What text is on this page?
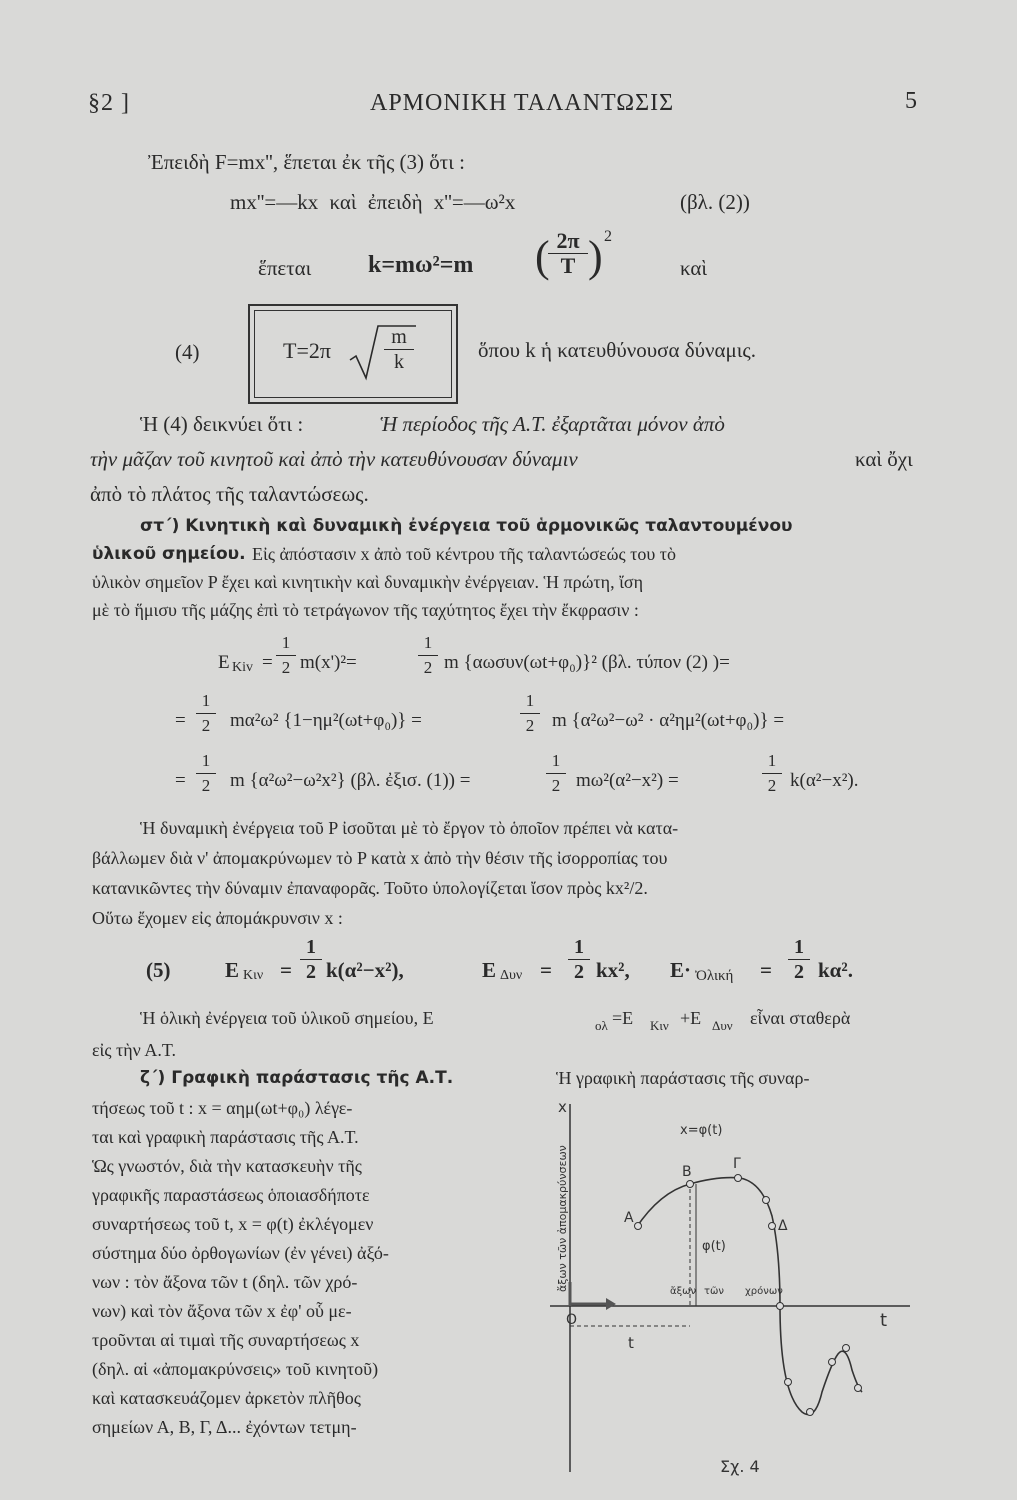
§2 ]	ΑΡΜΟΝΙΚΗ ΤΑΛΑΝΤΩΣΙΣ	5
Ἐπειδὴ F=mx'', ἕπεται ἐκ τῆς (3) ὅτι :
mx''=—kx καὶ ἐπειδὴ x''=—ω²x	(βλ. (2))
ἕπεται k=mω²=m ( 2π
T ) 2
καὶ
(4)	T=2π
m
k	ὅπου k ἡ κατευθύνουσα δύναμις.
Ἡ (4) δεικνύει ὅτι :	Ἡ περίοδος τῆς Α.Τ. ἐξαρτᾶται μόνον ἀπὸ
τὴν μᾶζαν τοῦ κινητοῦ καὶ ἀπὸ τὴν κατευθύνουσαν δύναμιν	καὶ ὄχι
ἀπὸ τὸ πλάτος τῆς ταλαντώσεως.
στ΄) Κινητικὴ καὶ δυναμικὴ ἐνέργεια τοῦ ἁρμονικῶς ταλαντουμένου
ὑλικοῦ σημείου. Εἰς ἀπόστασιν x ἀπὸ τοῦ κέντρου τῆς ταλαντώσεώς του τὸ
ὑλικὸν σημεῖον P ἔχει καὶ κινητικὴν καὶ δυναμικὴν ἐνέργειαν. Ἡ πρώτη, ἴση
μὲ τὸ ἥμισυ τῆς μάζης ἐπὶ τὸ τετράγωνον τῆς ταχύτητος ἔχει τὴν ἔκφρασιν :
E Kiv =
1
2 m(x')²=
1
2 m {αωσυν(ωt+φ₀)}² (βλ. τύπον (2) )=
=
1
2	mα²ω² {1−ημ²(ωt+φ₀)} =
1
2 m {α²ω²−ω² · α²ημ²(ωt+φ₀)} =
=
1
2	m {α²ω²−ω²x²} (βλ. ἐξισ. (1)) =
1
2 mω²(α²−x²) =
1
2 k(α²−x²).
Ἡ δυναμικὴ ἐνέργεια τοῦ P ἰσοῦται μὲ τὸ ἔργον τὸ ὁποῖον πρέπει νὰ κατα-
βάλλωμεν διὰ ν' ἀπομακρύνωμεν τὸ P κατὰ x ἀπὸ τὴν θέσιν τῆς ἰσορροπίας του
κατανικῶντες τὴν δύναμιν ἐπαναφορᾶς. Τοῦτο ὑπολογίζεται ἴσον πρὸς kx²/2.
Οὕτω ἔχομεν εἰς ἀπομάκρυνσιν x :
(5)	E Κιν =
1
2 k(α²−x²),	E Δυν =
1
2 kx², E· Ὀλική =
1
2 kα².
Ἡ ὁλικὴ ἐνέργεια τοῦ ὑλικοῦ σημείου, E	ολ =E Κιν +E Δυν εἶναι σταθερὰ
εἰς τὴν Α.Τ.
ζ΄) Γραφικὴ παράστασις τῆς Α.Τ.	Ἡ γραφικὴ παράστασις τῆς συναρ-
τήσεως τοῦ t : x = αημ(ωt+φ₀) λέγε-
ται καὶ γραφικὴ παράστασις τῆς Α.Τ.
Ὡς γνωστόν, διὰ τὴν κατασκευὴν τῆς
γραφικῆς παραστάσεως ὁποιασδήποτε
συναρτήσεως τοῦ t, x = φ(t) ἐκλέγομεν
σύστημα δύο ὀρθογωνίων (ἐν γένει) ἀξό-
νων : τὸν ἄξονα τῶν t (δηλ. τῶν χρό-
νων) καὶ τὸν ἄξονα τῶν x ἐφ' οὗ με-
τροῦνται αἱ τιμαὶ τῆς συναρτήσεως x
(δηλ. αἱ «ἀπομακρύνσεις» τοῦ κινητοῦ)
καὶ κατασκευάζομεν ἀρκετὸν πλῆθος
σημείων Α, Β, Γ, Δ... ἐχόντων τετμη-
x
t
O
ἄξων τῶν ἀπομακρύνσεων
t
φ(t)
ἄξων τῶν χρόνων
x=φ(t)
Α
Β	Γ
Δ
Σχ. 4
